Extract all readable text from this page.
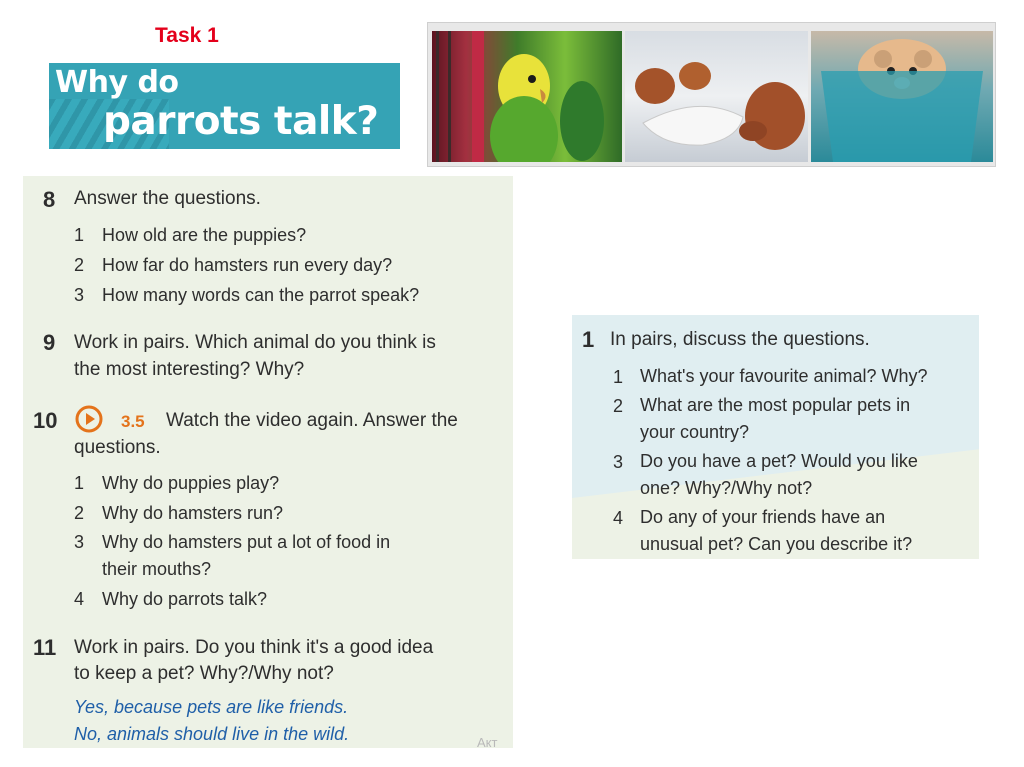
Task 1
Why do
parrots talk?
8 Answer the questions.
1 How old are the puppies?
2 How far do hamsters run every day?
3 How many words can the parrot speak?
9 Work in pairs. Which animal do you think is
the most interesting? Why?
10	3.5 Watch the video again. Answer the
questions.
1 Why do puppies play?
2 Why do hamsters run?
3 Why do hamsters put a lot of food in
their mouths?
4 Why do parrots talk?
11 Work in pairs. Do you think it's a good idea
to keep a pet? Why?/Why not?
Yes, because pets are like friends.
No, animals should live in the wild.	Акт
1 In pairs, discuss the questions.
1 What's your favourite animal? Why?
2 What are the most popular pets in
your country?
3 Do you have a pet? Would you like
one? Why?/Why not?
4 Do any of your friends have an
unusual pet? Can you describe it?
